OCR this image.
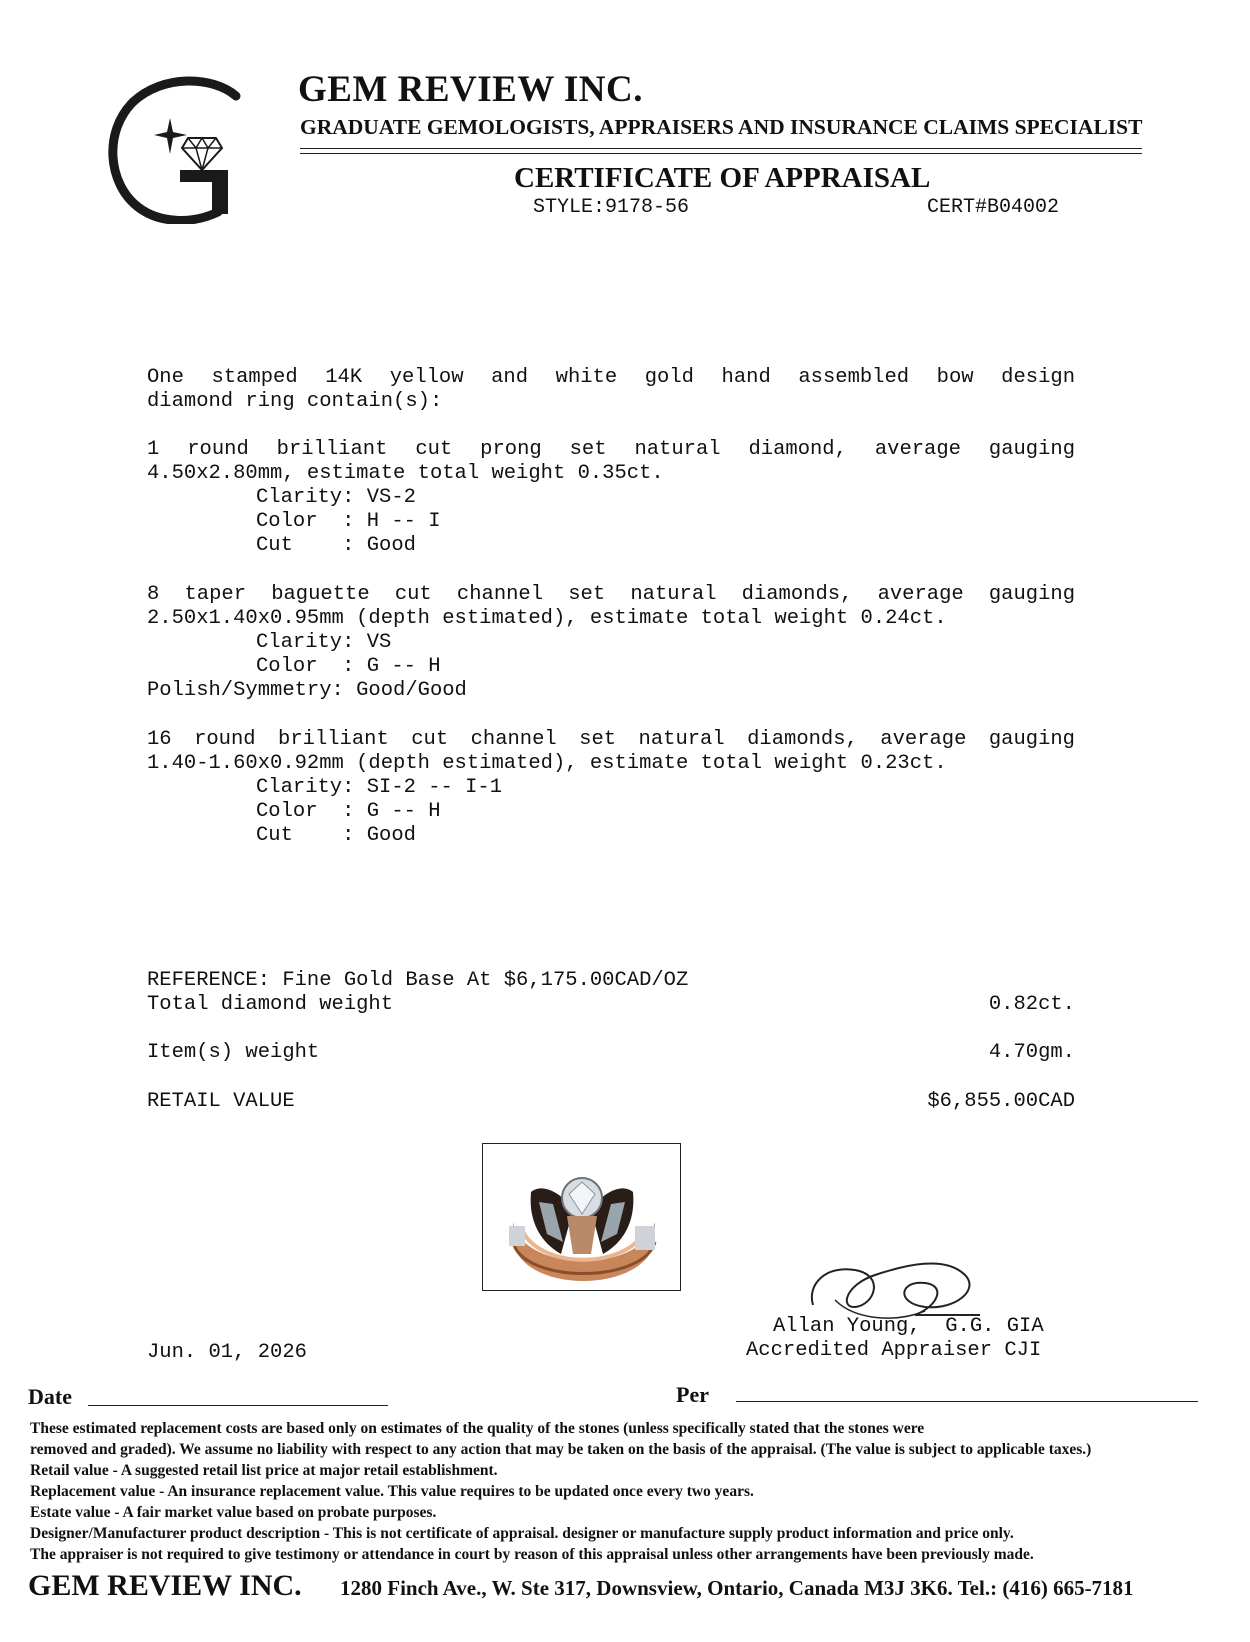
GEM REVIEW INC.
GRADUATE GEMOLOGISTS, APPRAISERS AND INSURANCE CLAIMS SPECIALIST
CERTIFICATE OF APPRAISAL
STYLE:9178-56	CERT#B04002
One stamped 14K yellow and white gold hand assembled bow design
diamond ring contain(s):
1 round brilliant cut prong set natural diamond, average gauging
4.50x2.80mm, estimate total weight 0.35ct.
Clarity: VS-2
Color  : H -- I
Cut    : Good
8 taper baguette cut channel set natural diamonds, average gauging
2.50x1.40x0.95mm (depth estimated), estimate total weight 0.24ct.
Clarity: VS
Color  : G -- H
Polish/Symmetry: Good/Good
16 round brilliant cut channel set natural diamonds, average gauging
1.40-1.60x0.92mm (depth estimated), estimate total weight 0.23ct.
Clarity: SI-2 -- I-1
Color  : G -- H
Cut    : Good
REFERENCE: Fine Gold Base At $6,175.00CAD/OZ
Total diamond weight	0.82ct.
Item(s) weight	4.70gm.
RETAIL VALUE	$6,855.00CAD
Allan Young,  G.G. GIA
Accredited Appraiser CJI
Jun. 01, 2026
Date	Per
These estimated replacement costs are based only on estimates of the quality of the stones (unless specifically stated that the stones were
removed and graded). We assume no liability with respect to any action that may be taken on the basis of the appraisal. (The value is subject to applicable taxes.)
Retail value - A suggested retail list price at major retail establishment.
Replacement value - An insurance replacement value. This value requires to be updated once every two years.
Estate value - A fair market value based on probate purposes.
Designer/Manufacturer product description - This is not certificate of appraisal. designer or manufacture supply product information and price only.
The appraiser is not required to give testimony or attendance in court by reason of this appraisal unless other arrangements have been previously made.
GEM REVIEW INC. 1280 Finch Ave., W. Ste 317, Downsview, Ontario, Canada M3J 3K6. Tel.: (416) 665-7181
